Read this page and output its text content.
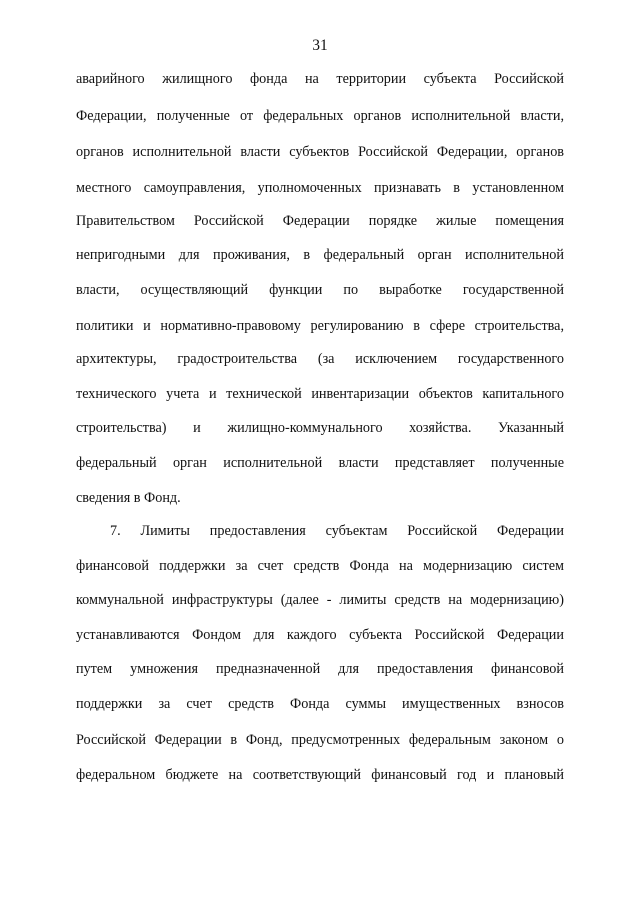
31
аварийного жилищного фонда на территории субъекта Российской
Федерации, полученные от федеральных органов исполнительной власти,
органов исполнительной власти субъектов Российской Федерации, органов
местного самоуправления, уполномоченных признавать в установленном
Правительством Российской Федерации порядке жилые помещения
непригодными для проживания, в федеральный орган исполнительной
власти, осуществляющий функции по выработке государственной
политики и нормативно-правовому регулированию в сфере строительства,
архитектуры, градостроительства (за исключением государственного
технического учета и технической инвентаризации объектов капитального
строительства) и жилищно-коммунального хозяйства. Указанный
федеральный орган исполнительной власти представляет полученные
сведения в Фонд.
7. Лимиты предоставления субъектам Российской Федерации
финансовой поддержки за счет средств Фонда на модернизацию систем
коммунальной инфраструктуры (далее - лимиты средств на модернизацию)
устанавливаются Фондом для каждого субъекта Российской Федерации
путем умножения предназначенной для предоставления финансовой
поддержки за счет средств Фонда суммы имущественных взносов
Российской Федерации в Фонд, предусмотренных федеральным законом о
федеральном бюджете на соответствующий финансовый год и плановый
